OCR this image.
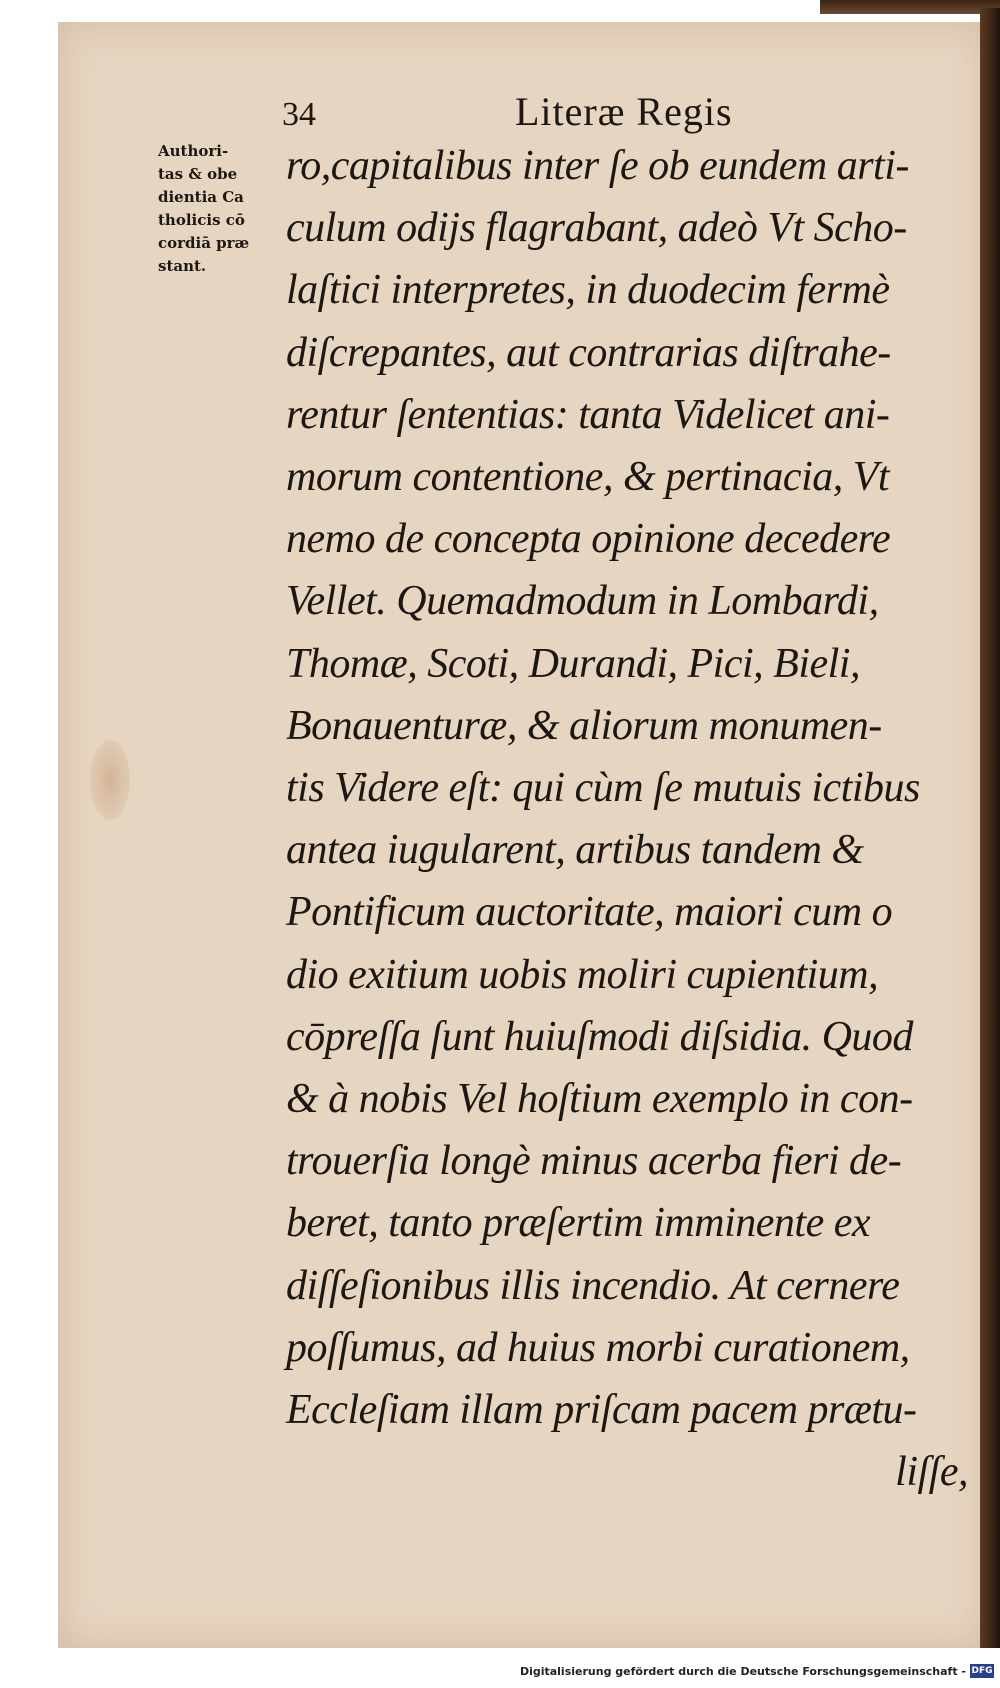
34	Literæ Regis
Authori-
tas & obe
dientia Ca
tholicis cō
cordiā præ
stant.
ro,capitalibus inter ſe ob eundem arti-
culum odijs flagrabant, adeò Vt Scho-
laſtici interpretes, in duodecim fermè
diſcrepantes, aut contrarias diſtrahe-
rentur ſententias: tanta Videlicet ani-
morum contentione, & pertinacia, Vt
nemo de concepta opinione decedere
Vellet. Quemadmodum in Lombardi,
Thomæ, Scoti, Durandi, Pici, Bieli,
Bonauenturæ, & aliorum monumen-
tis Videre eſt: qui cùm ſe mutuis ictibus
antea iugularent, artibus tandem &
Pontificum auctoritate, maiori cum o
dio exitium uobis moliri cupientium,
cōpreſſa ſunt huiuſmodi diſsidia. Quod
& à nobis Vel hoſtium exemplo in con-
trouerſia longè minus acerba fieri de-
beret, tanto præſertim imminente ex
diſſeſionibus illis incendio. At cernere
poſſumus, ad huius morbi curationem,
Eccleſiam illam priſcam pacem prætu-
liſſe,
Digitalisierung gefördert durch die Deutsche Forschungsgemeinschaft - DFG
